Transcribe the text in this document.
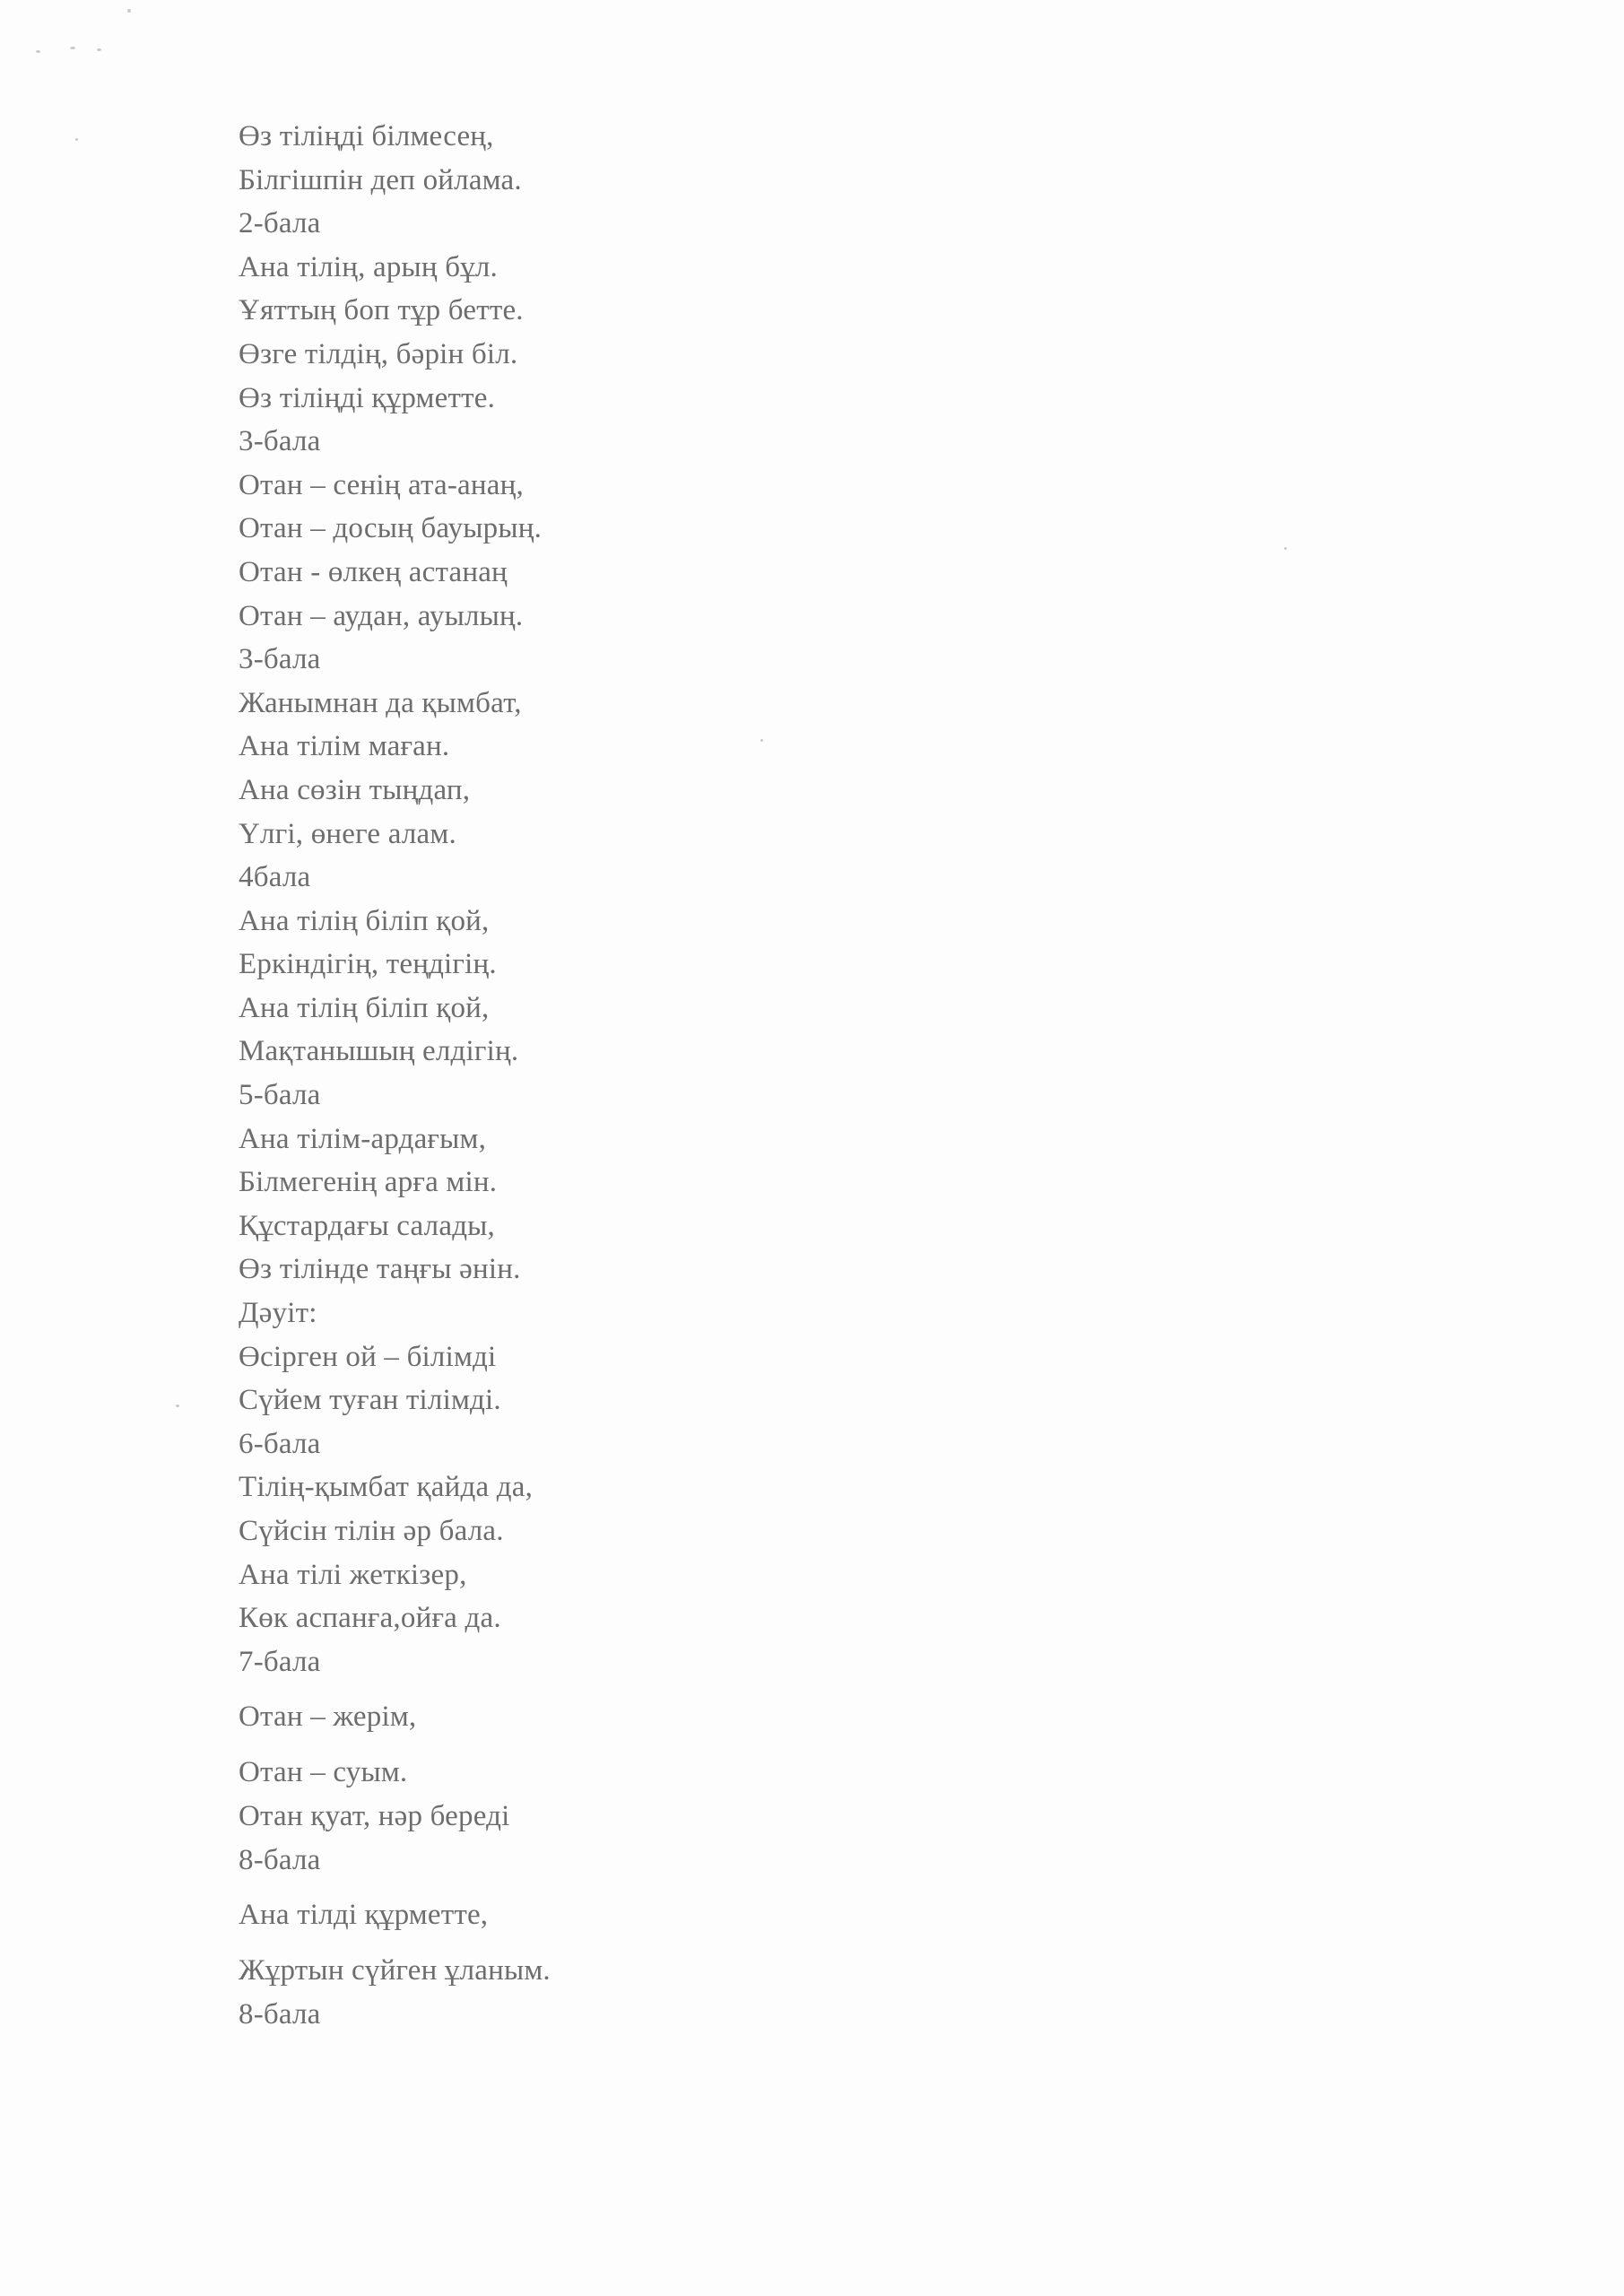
Өз тіліңді білмесең,
Білгішпін деп ойлама.
2-бала
Ана тілің, арың бұл.
Ұяттың боп тұр бетте.
Өзге тілдің, бәрін біл.
Өз тіліңді құрметте.
3-бала
Отан – сенің ата-анаң,
Отан – досың бауырың.
Отан - өлкең астанаң
Отан – аудан, ауылың.
3-бала
Жанымнан да қымбат,
Ана тілім маған.
Ана сөзін тыңдап,
Үлгі, өнеге алам.
4бала
Ана тілің біліп қой,
Еркіндігің, теңдігің.
Ана тілің біліп қой,
Мақтанышың елдігің.
5-бала
Ана тілім-ардағым,
Білмегенің арға мін.
Құстардағы салады,
Өз тілінде таңғы әнін.
Дәуіт:
Өсірген ой – білімді
Сүйем туған тілімді.
6-бала
Тілің-қымбат қайда да,
Сүйсін тілін әр бала.
Ана тілі жеткізер,
Көк аспанға,ойға да.
7-бала
Отан – жерім,
Отан – суым.
Отан қуат, нәр береді
8-бала
Ана тілді құрметте,
Жұртын сүйген ұланым.
8-бала
